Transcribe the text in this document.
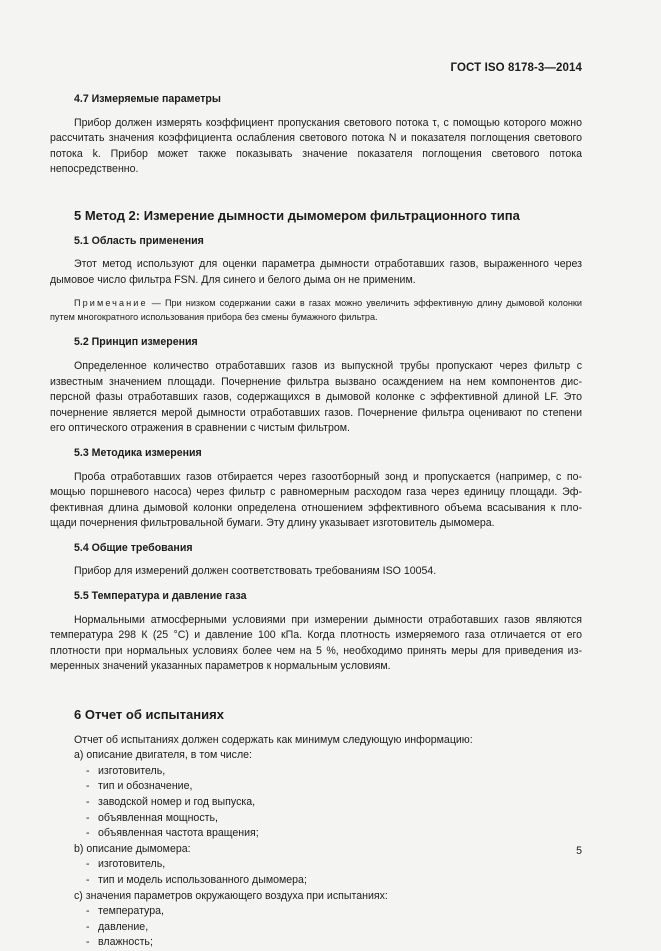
ГОСТ ISO 8178-3—2014
4.7 Измеряемые параметры

Прибор должен измерять коэффициент пропускания светового потока τ, с помощью которого можно рассчитать значения коэффициента ослабления светового потока N и показателя поглощения светового потока k. Прибор может также показывать значение показателя поглощения светового потока непосредственно.

5 Метод 2: Измерение дымности дымомером фильтрационного типа
5.1 Область применения

Этот метод используют для оценки параметра дымности отработавших газов, выраженного через дымовое число фильтра FSN. Для синего и белого дыма он не применим.

Примечание — При низком содержании сажи в газах можно увеличить эффективную длину дымовой колонки путем многократного использования прибора без смены бумажного фильтра.

5.2 Принцип измерения

Определенное количество отработавших газов из выпускной трубы пропускают через фильтр с известным значением площади. Почернение фильтра вызвано осаждением на нем компонентов дисперсной фазы отработавших газов, содержащихся в дымовой колонке с эффективной длиной LF. Это почернение является мерой дымности отработавших газов. Почернение фильтра оценивают по степени его оптического отражения в сравнении с чистым фильтром.

5.3 Методика измерения

Проба отработавших газов отбирается через газоотборный зонд и пропускается (например, с помощью поршневого насоса) через фильтр с равномерным расходом газа через единицу площади. Эффективная длина дымовой колонки определена отношением эффективного объема всасывания к площади почернения фильтровальной бумаги. Эту длину указывает изготовитель дымомера.

5.4 Общие требования

Прибор для измерений должен соответствовать требованиям ISO 10054.

5.5 Температура и давление газа

Нормальными атмосферными условиями при измерении дымности отработавших газов являются температура 298 К (25 °С) и давление 100 кПа. Когда плотность измеряемого газа отличается от его плотности при нормальных условиях более чем на 5 %, необходимо принять меры для приведения измеренных значений указанных параметров к нормальным условиям.

6 Отчет об испытаниях

Отчет об испытаниях должен содержать как минимум следующую информацию:

a) описание двигателя, в том числе:

- изготовитель,

- тип и обозначение,

- заводской номер и год выпуска,

- объявленная мощность,

- объявленная частота вращения;

b) описание дымомера:

- изготовитель,

- тип и модель использованного дымомера;

c) значения параметров окружающего воздуха при испытаниях:

- температура,

- давление,

- влажность;

5
